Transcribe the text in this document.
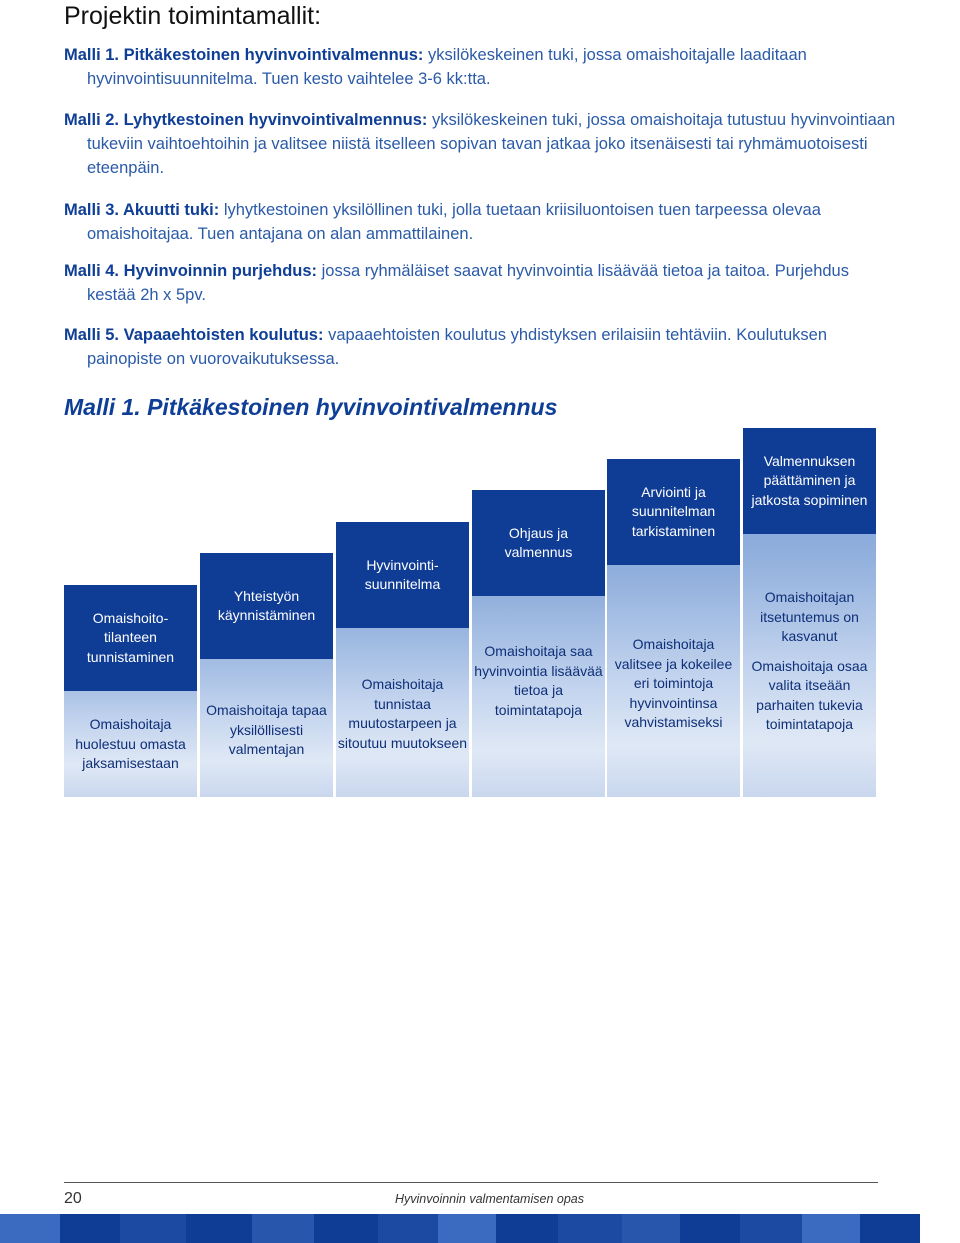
Projektin toimintamallit:
Malli 1. Pitkäkestoinen hyvinvointivalmennus: yksilökeskeinen tuki, jossa omaishoitajalle laaditaan hyvinvointisuunnitelma. Tuen kesto vaihtelee 3-6 kk:tta.
Malli 2. Lyhytkestoinen hyvinvointivalmennus: yksilökeskeinen tuki, jossa omaishoitaja tutustuu hyvinvointiaan tukeviin vaihtoehtoihin ja valitsee niistä itselleen sopivan tavan jatkaa joko itsenäisesti tai ryhmämuotoisesti eteenpäin.
Malli 3. Akuutti tuki: lyhytkestoinen yksilöllinen tuki, jolla tuetaan kriisiluontoisen tuen tarpeessa olevaa omaishoitajaa. Tuen antajana on alan ammattilainen.
Malli 4. Hyvinvoinnin purjehdus: jossa ryhmäläiset saavat hyvinvointia lisäävää tietoa ja taitoa. Purjehdus kestää 2h x 5pv.
Malli 5. Vapaaehtoisten koulutus: vapaaehtoisten koulutus yhdistyksen erilaisiin tehtäviin. Koulutuksen painopiste on vuorovaikutuksessa.
Malli 1. Pitkäkestoinen hyvinvointivalmennus
Omaishoito-tilanteen tunnistaminen

Omaishoitaja huolestuu omasta jaksamisestaan

Yhteistyön käynnistäminen

Omaishoitaja tapaa yksilöllisesti valmentajan

Hyvinvointi-suunnitelma

Omaishoitaja tunnistaa muutostarpeen ja sitoutuu muutokseen

Ohjaus ja valmennus

Omaishoitaja saa hyvinvointia lisäävää tietoa ja toimintatapoja

Arviointi ja suunnitelman tarkistaminen

Omaishoitaja valitsee ja kokeilee eri toimintoja hyvinvointinsa vahvistamiseksi

Valmennuksen päättäminen ja jatkosta sopiminen

Omaishoitajan itsetuntemus on kasvanut

Omaishoitaja osaa valita itseään parhaiten tukevia toimintatapoja

20	Hyvinvoinnin valmentamisen opas
